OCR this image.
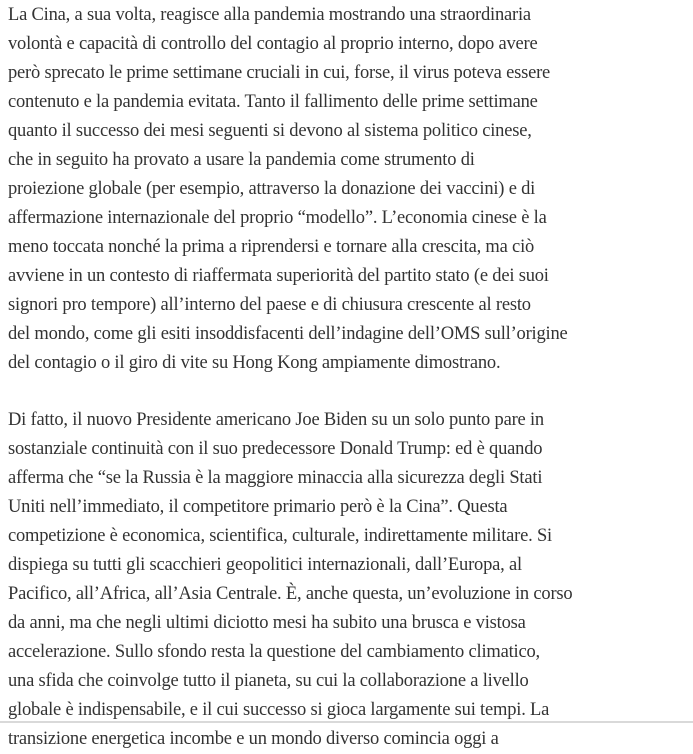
La Cina, a sua volta, reagisce alla pandemia mostrando una straordinaria
volontà e capacità di controllo del contagio al proprio interno, dopo avere
però sprecato le prime settimane cruciali in cui, forse, il virus poteva essere
contenuto e la pandemia evitata. Tanto il fallimento delle prime settimane
quanto il successo dei mesi seguenti si devono al sistema politico cinese,
che in seguito ha provato a usare la pandemia come strumento di
proiezione globale (per esempio, attraverso la donazione dei vaccini) e di
affermazione internazionale del proprio “modello”. L’economia cinese è la
meno toccata nonché la prima a riprendersi e tornare alla crescita, ma ciò
avviene in un contesto di riaffermata superiorità del partito stato (e dei suoi
signori pro tempore) all’interno del paese e di chiusura crescente al resto
del mondo, come gli esiti insoddisfacenti dell’indagine dell’OMS sull’origine
del contagio o il giro di vite su Hong Kong ampiamente dimostrano.

Di fatto, il nuovo Presidente americano Joe Biden su un solo punto pare in
sostanziale continuità con il suo predecessore Donald Trump: ed è quando
afferma che “se la Russia è la maggiore minaccia alla sicurezza degli Stati
Uniti nell’immediato, il competitore primario però è la Cina”. Questa
competizione è economica, scientifica, culturale, indirettamente militare. Si
dispiega su tutti gli scacchieri geopolitici internazionali, dall’Europa, al
Pacifico, all’Africa, all’Asia Centrale. È, anche questa, un’evoluzione in corso
da anni, ma che negli ultimi diciotto mesi ha subito una brusca e vistosa
accelerazione. Sullo sfondo resta la questione del cambiamento climatico,
una sfida che coinvolge tutto il pianeta, su cui la collaborazione a livello
globale è indispensabile, e il cui successo si gioca largamente sui tempi. La
transizione energetica incombe e un mondo diverso comincia oggi a
